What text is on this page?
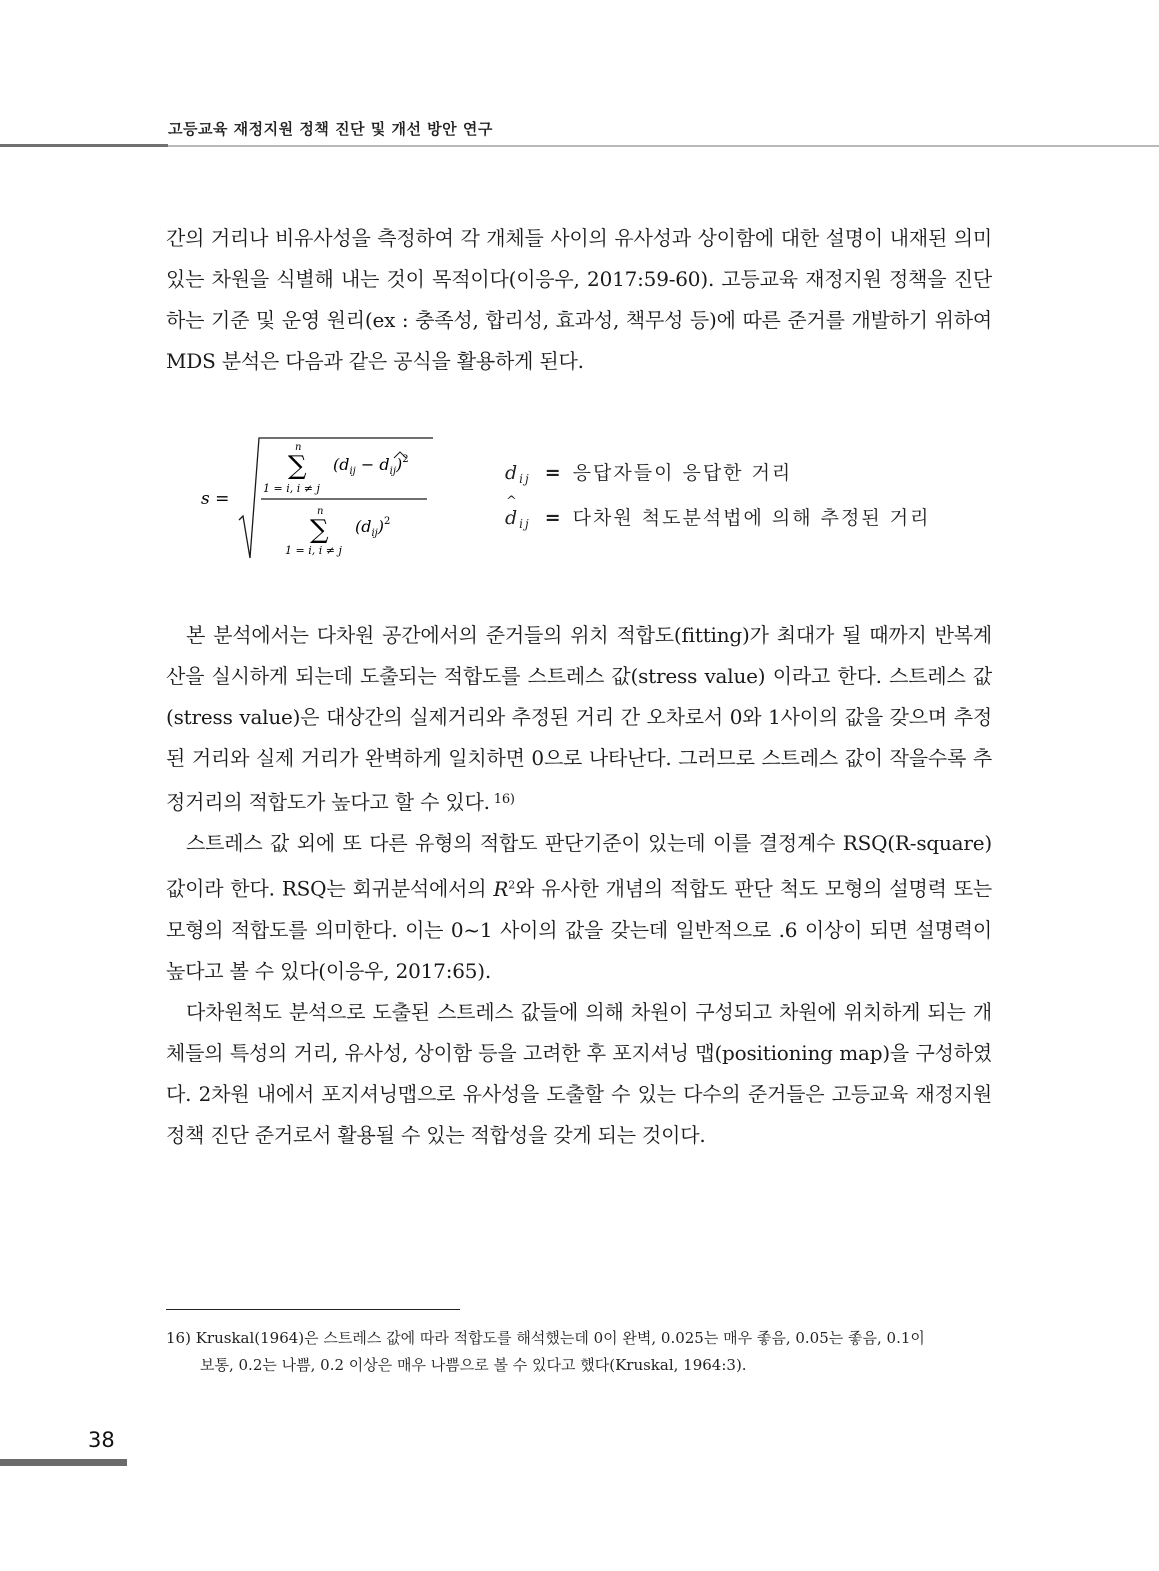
고등교육 재정지원 정책 진단 및 개선 방안 연구

간의 거리나 비유사성을 측정하여 각 개체들 사이의 유사성과 상이함에 대한 설명이 내재된 의미 있는 차원을 식별해 내는 것이 목적이다(이응우, 2017:59-60). 고등교육 재정지원 정책을 진단하는 기준 및 운영 원리(ex : 충족성, 합리성, 효과성, 책무성 등)에 따른 준거를 개발하기 위하여 MDS 분석은 다음과 같은 공식을 활용하게 된다.

s =
n
∑
1 = i, i ≠ j
$(d_{ij} - d_{ij})^2$
n
∑
1 = i, i ≠ j
$(d_{ij})^2$
$d_{ij}$ = 응답자들이 응답한 거리
^ $d_{ij}$ = 다차원 척도분석법에 의해 추정된 거리

본 분석에서는 다차원 공간에서의 준거들의 위치 적합도(fitting)가 최대가 될 때까지 반복계산을 실시하게 되는데 도출되는 적합도를 스트레스 값(stress value) 이라고 한다. 스트레스 값(stress value)은 대상간의 실제거리와 추정된 거리 간 오차로서 0와 1사이의 값을 갖으며 추정된 거리와 실제 거리가 완벽하게 일치하면 0으로 나타난다. 그러므로 스트레스 값이 작을수록 추정거리의 적합도가 높다고 할 수 있다. $^{16)}$

스트레스 값 외에 또 다른 유형의 적합도 판단기준이 있는데 이를 결정계수 RSQ(R-square) 값이라 한다. RSQ는 회귀분석에서의 $R^2$와 유사한 개념의 적합도 판단 척도 모형의 설명력 또는 모형의 적합도를 의미한다. 이는 0~1 사이의 값을 갖는데 일반적으로 .6 이상이 되면 설명력이 높다고 볼 수 있다(이응우, 2017:65).

다차원척도 분석으로 도출된 스트레스 값들에 의해 차원이 구성되고 차원에 위치하게 되는 개체들의 특성의 거리, 유사성, 상이함 등을 고려한 후 포지셔닝 맵(positioning map)을 구성하였다. 2차원 내에서 포지셔닝맵으로 유사성을 도출할 수 있는 다수의 준거들은 고등교육 재정지원 정책 진단 준거로서 활용될 수 있는 적합성을 갖게 되는 것이다.

16) Kruskal(1964)은 스트레스 값에 따라 적합도를 해석했는데 0이 완벽, 0.025는 매우 좋음, 0.05는 좋음, 0.1이
보통, 0.2는 나쁨, 0.2 이상은 매우 나쁨으로 볼 수 있다고 했다(Kruskal, 1964:3).
38
